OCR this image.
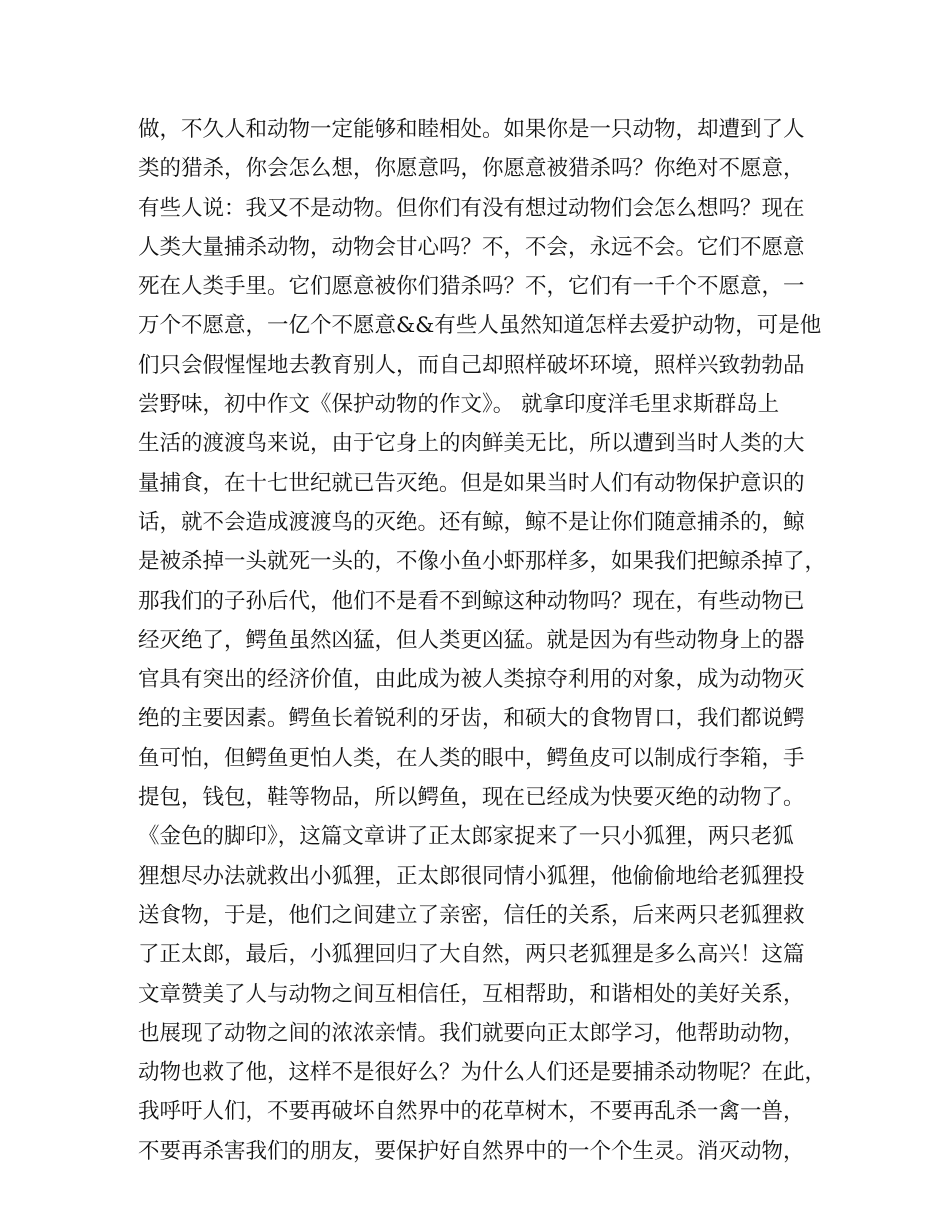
做，不久人和动物一定能够和睦相处。如果你是一只动物，却遭到了人
类的猎杀，你会怎么想，你愿意吗，你愿意被猎杀吗？你绝对不愿意，
有些人说：我又不是动物。但你们有没有想过动物们会怎么想吗？现在
人类大量捕杀动物，动物会甘心吗？不，不会，永远不会。它们不愿意
死在人类手里。它们愿意被你们猎杀吗？不，它们有一千个不愿意，一
万个不愿意，一亿个不愿意&&有些人虽然知道怎样去爱护动物，可是他
们只会假惺惺地去教育别人，而自己却照样破坏环境，照样兴致勃勃品
尝野味，初中作文《保护动物的作文》。 就拿印度洋毛里求斯群岛上
生活的渡渡鸟来说，由于它身上的肉鲜美无比，所以遭到当时人类的大
量捕食，在十七世纪就已告灭绝。但是如果当时人们有动物保护意识的
话，就不会造成渡渡鸟的灭绝。还有鲸，鲸不是让你们随意捕杀的，鲸
是被杀掉一头就死一头的，不像小鱼小虾那样多，如果我们把鲸杀掉了，
那我们的子孙后代，他们不是看不到鲸这种动物吗？现在，有些动物已
经灭绝了，鳄鱼虽然凶猛，但人类更凶猛。就是因为有些动物身上的器
官具有突出的经济价值，由此成为被人类掠夺利用的对象，成为动物灭
绝的主要因素。鳄鱼长着锐利的牙齿，和硕大的食物胃口，我们都说鳄
鱼可怕，但鳄鱼更怕人类，在人类的眼中，鳄鱼皮可以制成行李箱，手
提包，钱包，鞋等物品，所以鳄鱼，现在已经成为快要灭绝的动物了。
《金色的脚印》，这篇文章讲了正太郎家捉来了一只小狐狸，两只老狐
狸想尽办法就救出小狐狸，正太郎很同情小狐狸，他偷偷地给老狐狸投
送食物，于是，他们之间建立了亲密，信任的关系，后来两只老狐狸救
了正太郎，最后，小狐狸回归了大自然，两只老狐狸是多么高兴！这篇
文章赞美了人与动物之间互相信任，互相帮助，和谐相处的美好关系，
也展现了动物之间的浓浓亲情。我们就要向正太郎学习，他帮助动物，
动物也救了他，这样不是很好么？为什么人们还是要捕杀动物呢？在此，
我呼吁人们，不要再破坏自然界中的花草树木，不要再乱杀一禽一兽，
不要再杀害我们的朋友，要保护好自然界中的一个个生灵。消灭动物，
